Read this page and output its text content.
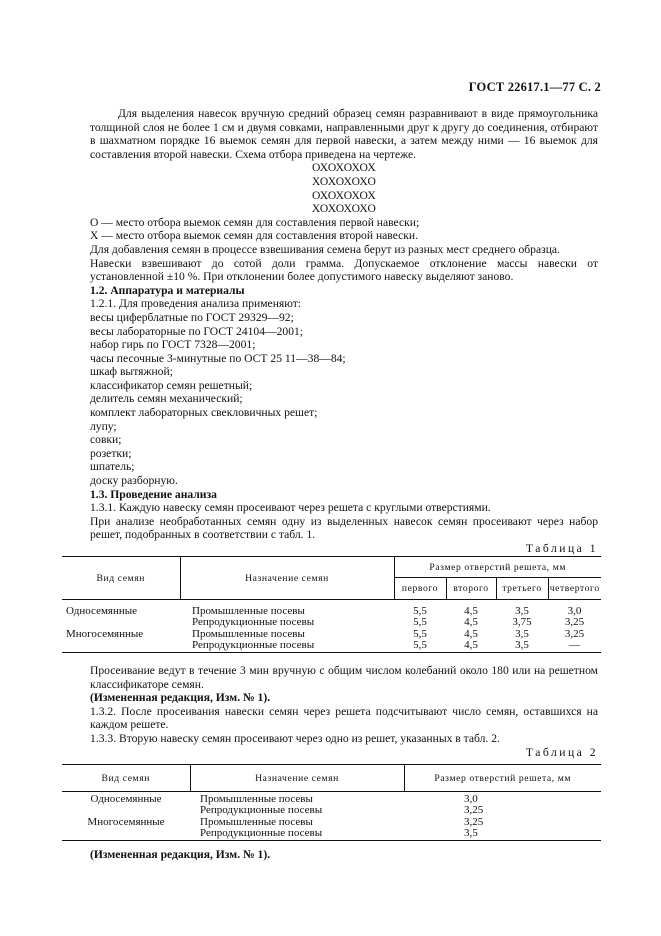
ГОСТ 22617.1—77 С. 2

Для выделения навесок вручную средний образец семян разравнивают в виде прямоугольника толщиной слоя не более 1 см и двумя совками, направленными друг к другу до соединения, отбирают в шахматном порядке 16 выемок семян для первой навески, а затем между ними — 16 выемок для составления второй навески. Схема отбора приведена на чертеже.

ОХОХОХОХ

ХОХОХОХО

ОХОХОХОХ

ХОХОХОХО

О — место отбора выемок семян для составления первой навески;

Х — место отбора выемок семян для составления второй навески.

Для добавления семян в процессе взвешивания семена берут из разных мест среднего образца.

Навески взвешивают до сотой доли грамма. Допускаемое отклонение массы навески от установленной ±10 %. При отклонении более допустимого навеску выделяют заново.

1.2. Аппаратура и материалы

1.2.1. Для проведения анализа применяют:

весы циферблатные по ГОСТ 29329—92;

весы лабораторные по ГОСТ 24104—2001;

набор гирь по ГОСТ 7328—2001;

часы песочные 3-минутные по ОСТ 25 11—38—84;

шкаф вытяжной;

классификатор семян решетный;

делитель семян механический;

комплект лабораторных свекловичных решет;

лупу;

совки;

розетки;

шпатель;

доску разборную.

1.3. Проведение анализа

1.3.1. Каждую навеску семян просеивают через решета с круглыми отверстиями.

При анализе необработанных семян одну из выделенных навесок семян просеивают через набор решет, подобранных в соответствии с табл. 1.

Таблица 1

Вид семян	Назначение семян	Размер отверстий решета, мм			
		первого	второго	третьего	четвертого
Односемянные	Промышленные посевы	5,5	4,5	3,5	3,0
	Репродукционные посевы	5,5	4,5	3,75	3,25
Многосемянные	Промышленные посевы	5,5	4,5	3,5	3,25
	Репродукционные посевы	5,5	4,5	3,5	—

Просеивание ведут в течение 3 мин вручную с общим числом колебаний около 180 или на решетном классификаторе семян.

(Измененная редакция, Изм. № 1).

1.3.2. После просеивания навески семян через решета подсчитывают число семян, оставшихся на каждом решете.

1.3.3. Вторую навеску семян просеивают через одно из решет, указанных в табл. 2.

Таблица 2

Вид семян	Назначение семян	Размер отверстий решета, мм
Односемянные	Промышленные посевы	3,0
	Репродукционные посевы	3,25
Многосемянные	Промышленные посевы	3,25
	Репродукционные посевы	3,5

(Измененная редакция, Изм. № 1).
